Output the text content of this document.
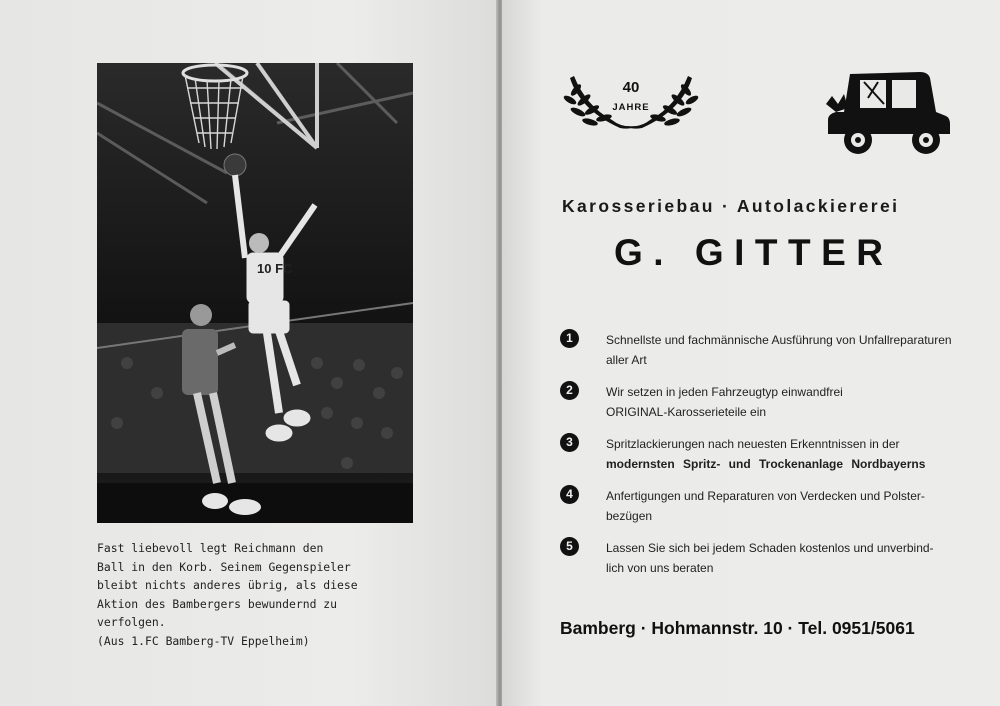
10 FC
Fast liebevoll legt Reichmann den
Ball in den Korb. Seinem Gegenspieler
bleibt nichts anderes übrig, als diese
Aktion des Bambergers bewundernd zu
verfolgen.
(Aus 1.FC Bamberg-TV Eppelheim)
40
JAHRE
Karosseriebau · Autolackiererei
G. GITTER
1	Schnellste und fachmännische Ausführung von Unfallreparaturen
aller Art
2	Wir setzen in jeden Fahrzeugtyp einwandfrei
ORIGINAL-Karosserieteile ein
3	Spritzlackierungen nach neuesten Erkenntnissen in der
modernsten Spritz- und Trockenanlage Nordbayerns
4	Anfertigungen und Reparaturen von Verdecken und Polster-
bezügen
5	Lassen Sie sich bei jedem Schaden kostenlos und unverbind-
lich von uns beraten
Bamberg · Hohmannstr. 10 · Tel. 0951/5061
